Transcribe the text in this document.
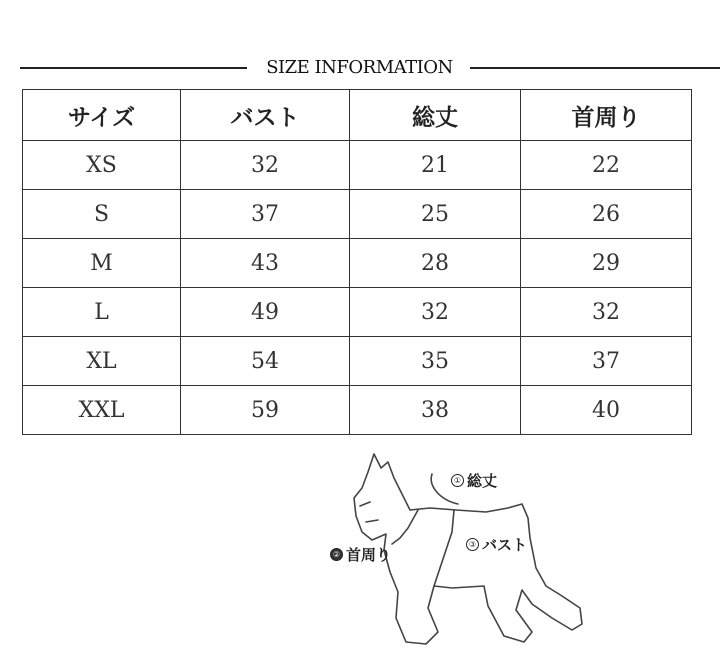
SIZE INFORMATION
サイズ	バスト	総丈	首周り
XS	32	21	22
S	37	25	26
M	43	28	29
L	49	32	32
XL	54	35	37
XXL	59	38	40
① 総丈
② 首周り
③ バスト
